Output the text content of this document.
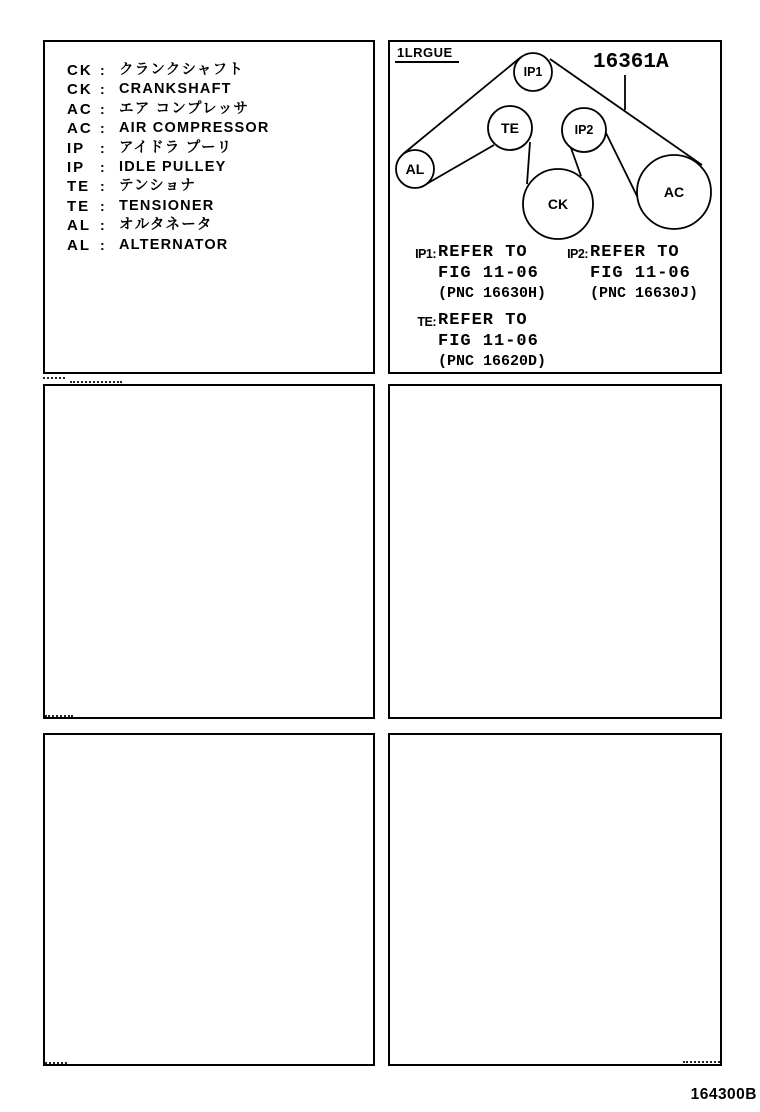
CK : クランクシャフト
CK : CRANKSHAFT
AC : エア コンプレッサ
AC : AIR COMPRESSOR
IP	: アイドラ プーリ
IP	: IDLE PULLEY
TE : テンショナ
TE : TENSIONER
AL : オルタネータ
AL : ALTERNATOR
IP1
TE	IP2
AL
CK
AC
1LRGUE	16361A
IP1: REFER TO
FIG 11-06
(PNC 16630H)
IP2: REFER TO
FIG 11-06
(PNC 16630J)
TE: REFER TO
FIG 11-06
(PNC 16620D)
164300B
